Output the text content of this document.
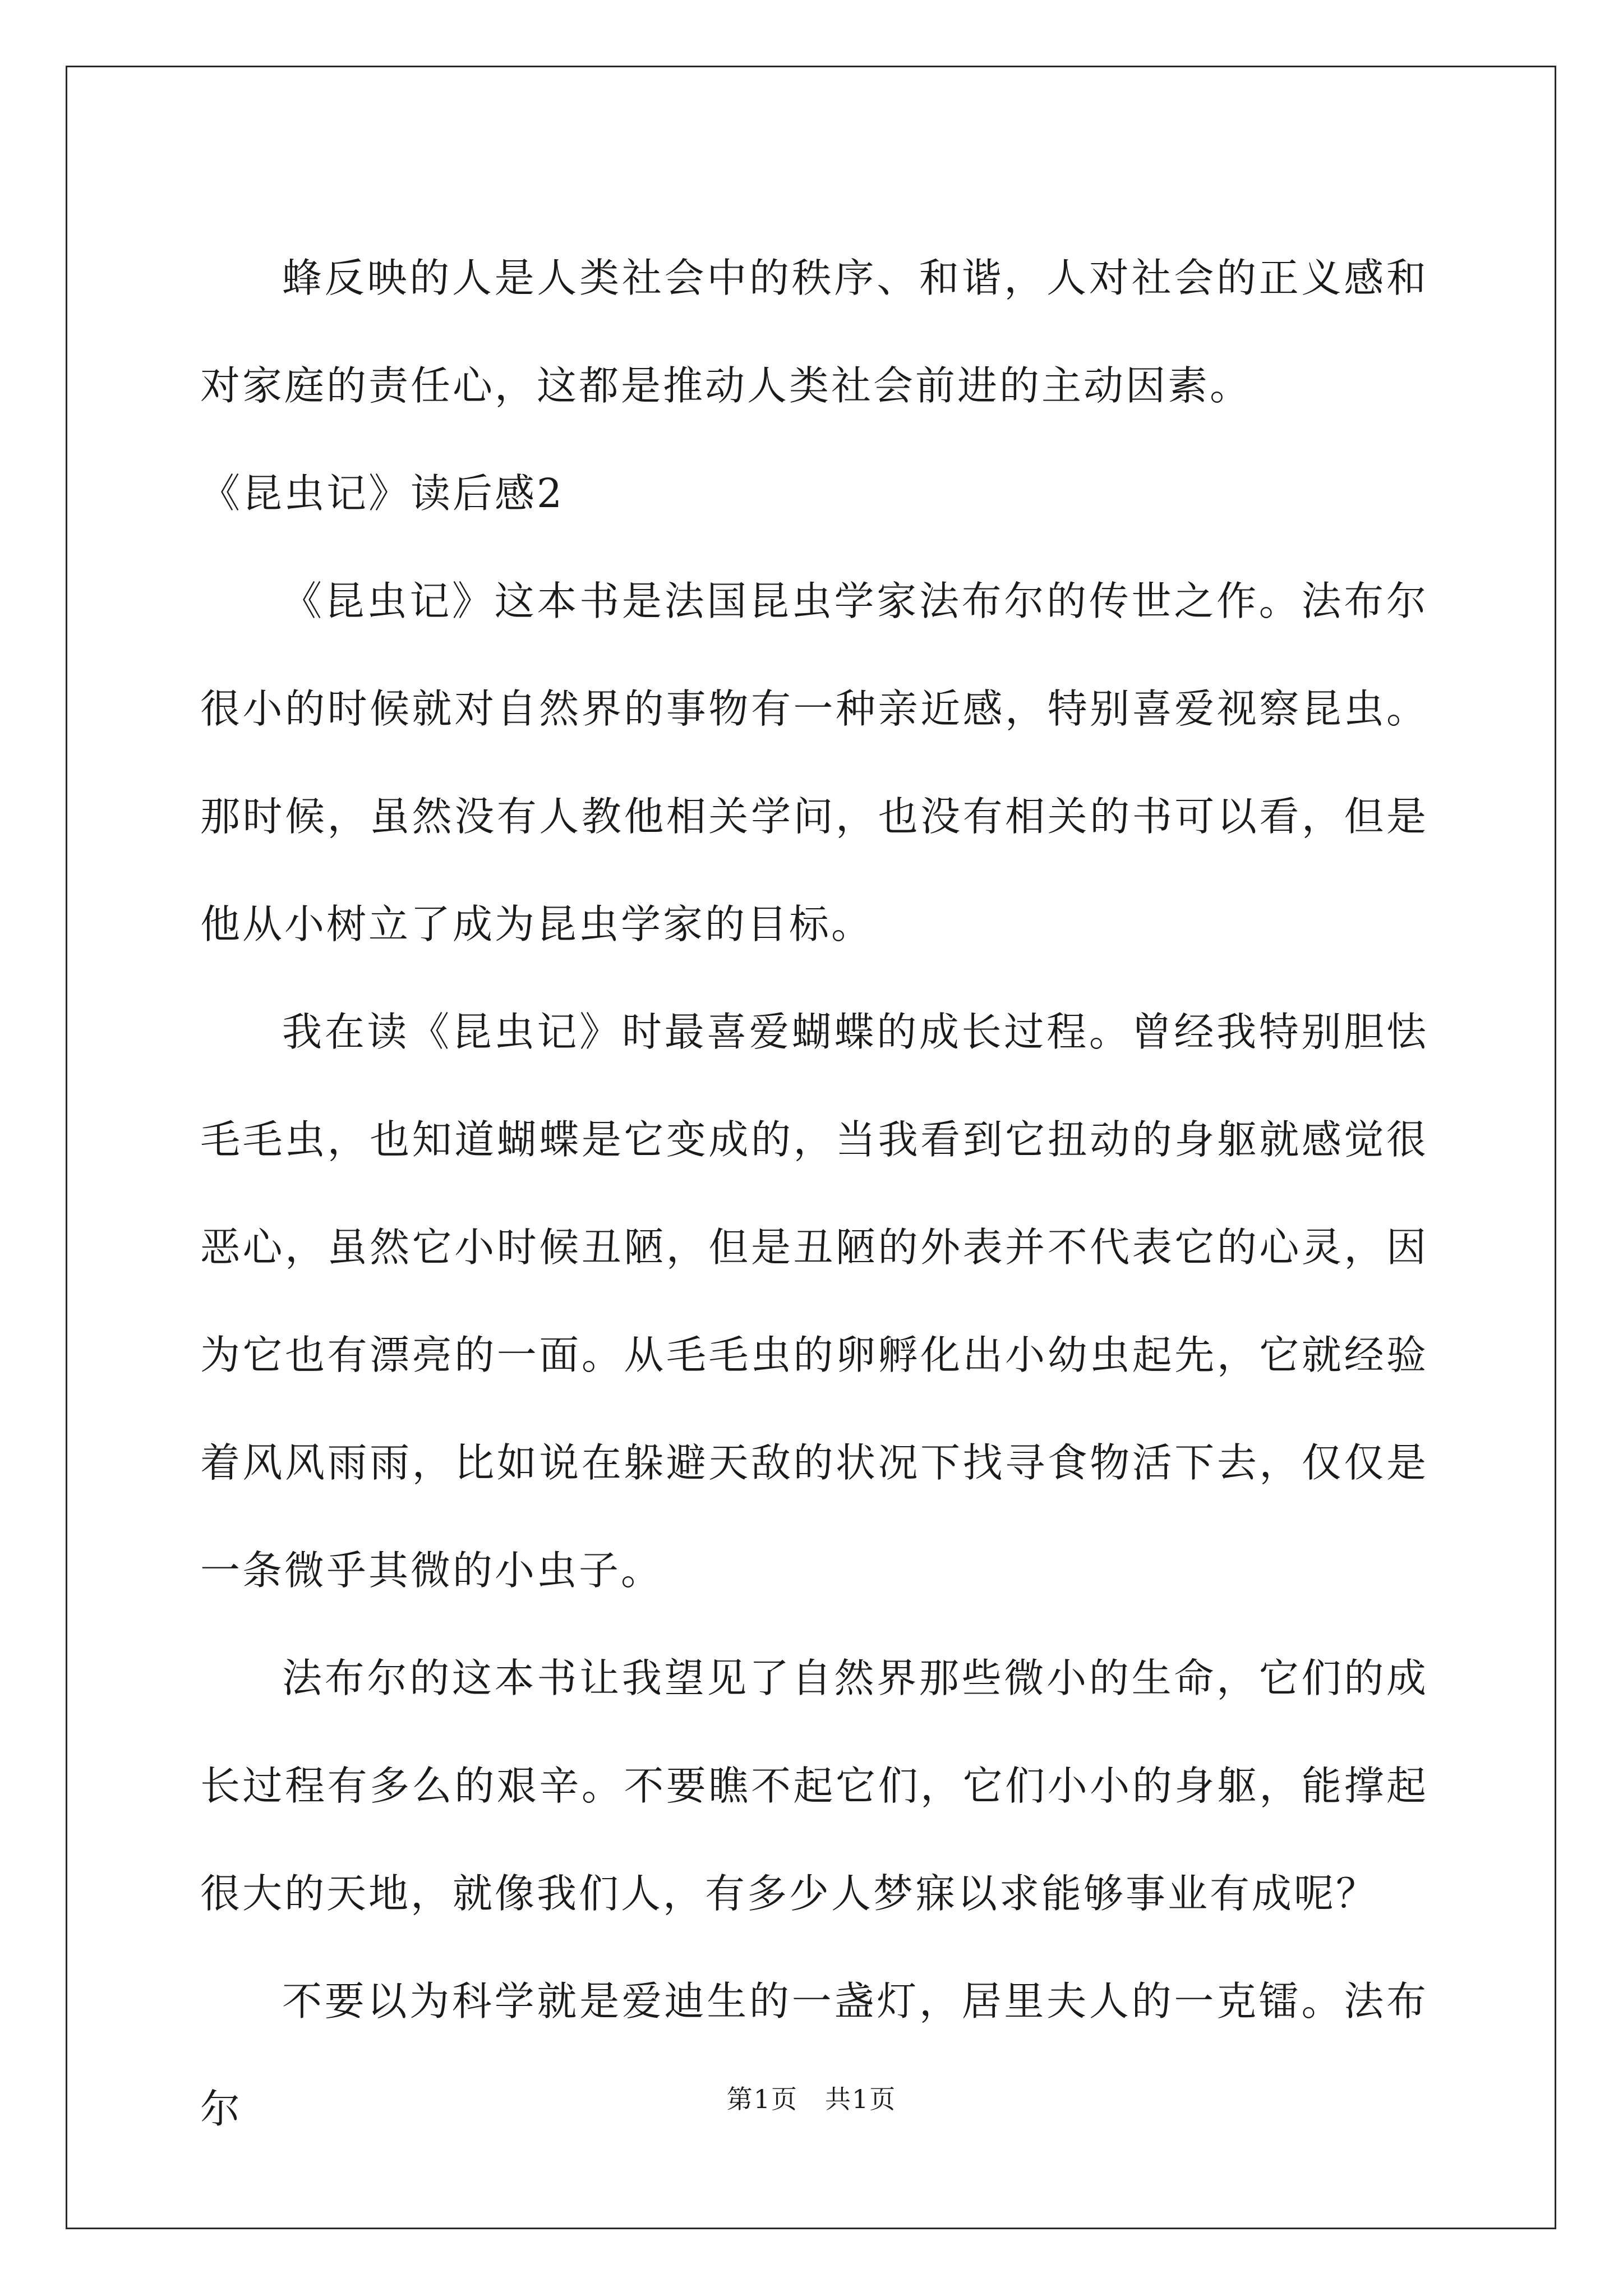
蜂反映的人是人类社会中的秩序、和谐，人对社会的正义感和对家庭的责任心，这都是推动人类社会前进的主动因素。

《昆虫记》读后感2

《昆虫记》这本书是法国昆虫学家法布尔的传世之作。法布尔很小的时候就对自然界的事物有一种亲近感，特别喜爱视察昆虫。那时候，虽然没有人教他相关学问，也没有相关的书可以看，但是他从小树立了成为昆虫学家的目标。

我在读《昆虫记》时最喜爱蝴蝶的成长过程。曾经我特别胆怯 毛毛虫，也知道蝴蝶是它变成的，当我看到它扭动的身躯就感觉很恶心，虽然它小时候丑陋，但是丑陋的外表并不代表它的心灵，因为它也有漂亮的一面。从毛毛虫的卵孵化出小幼虫起先，它就经验着风风雨雨，比如说在躲避天敌的状况下找寻食物活下去，仅仅是一条微乎其微的小虫子。

法布尔的这本书让我望见了自然界那些微小的生命，它们的成长过程有多么的艰辛。不要瞧不起它们，它们小小的身躯，能撑起很大的天地，就像我们人，有多少人梦寐以求能够事业有成呢？

不要以为科学就是爱迪生的一盏灯，居里夫人的一克镭。法布尔	第1页　共1页
